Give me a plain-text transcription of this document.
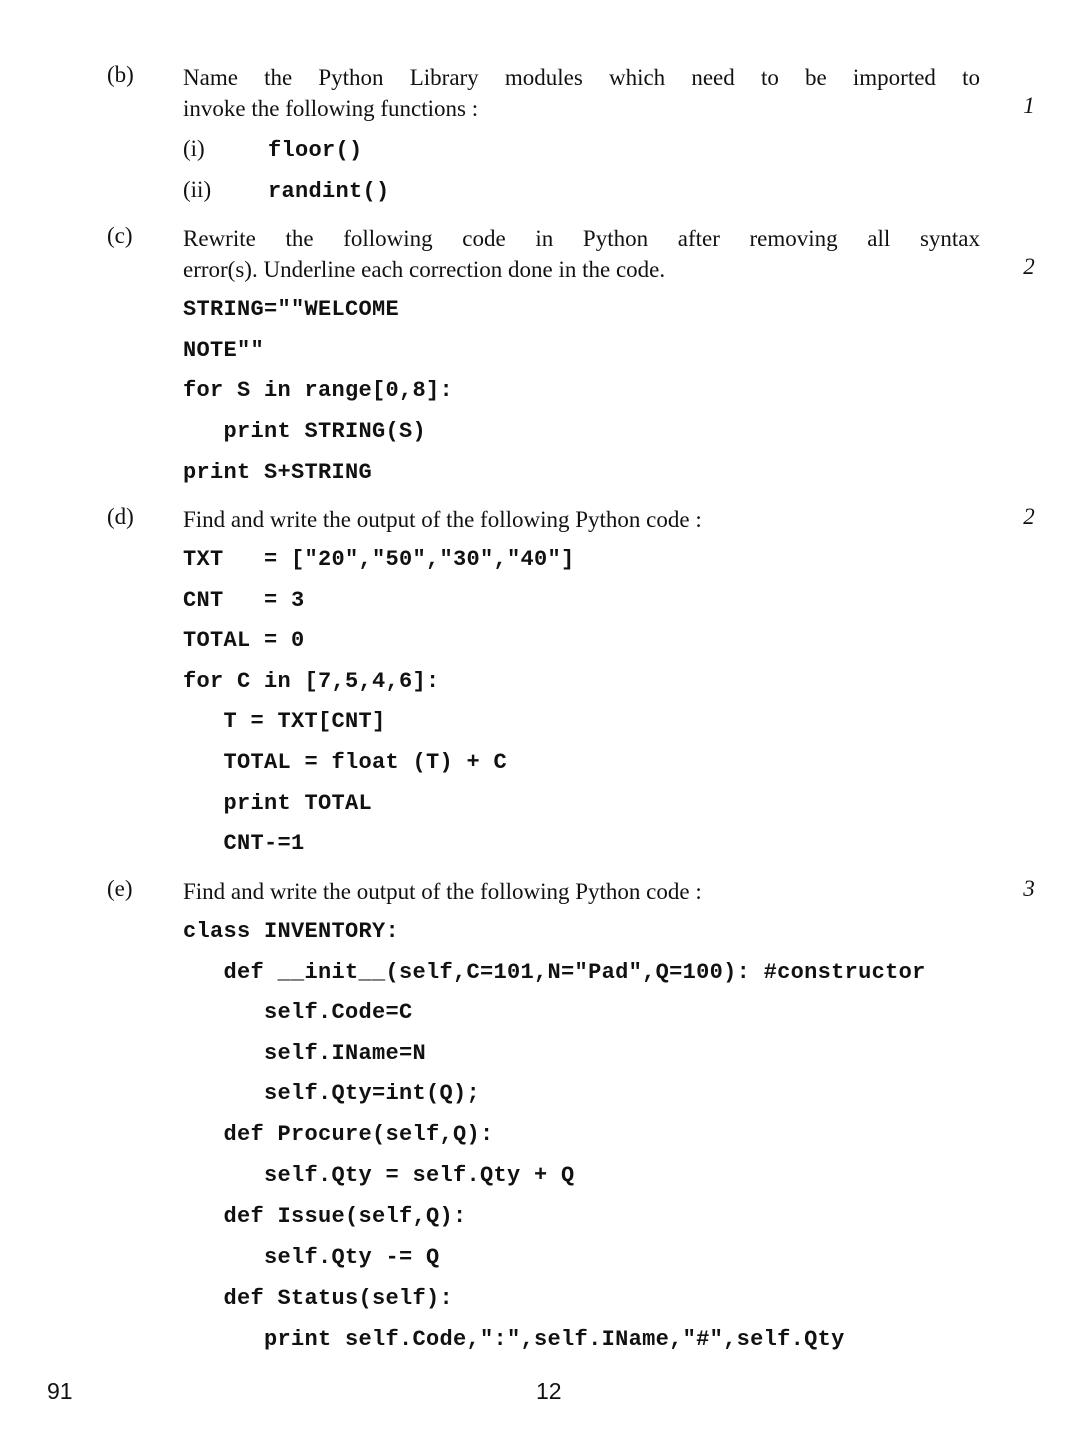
(b) Name the Python Library modules which need to be imported to
invoke the following functions :	1
(i)	floor()
(ii)	randint()
(c) Rewrite the following code in Python after removing all syntax
error(s). Underline each correction done in the code.	2
STRING=""WELCOME
NOTE""
for S in range[0,8]:
print STRING(S)
print S+STRING
(d) Find and write the output of the following Python code :	2
TXT   = ["20","50","30","40"]
CNT   = 3
TOTAL = 0
for C in [7,5,4,6]:
T = TXT[CNT]
TOTAL = float (T) + C
print TOTAL
CNT-=1
(e) Find and write the output of the following Python code :	3
class INVENTORY:
def __init__(self,C=101,N="Pad",Q=100): #constructor
self.Code=C
self.IName=N
self.Qty=int(Q);
def Procure(self,Q):
self.Qty = self.Qty + Q
def Issue(self,Q):
self.Qty -= Q
def Status(self):
print self.Code,":",self.IName,"#",self.Qty
91	12
